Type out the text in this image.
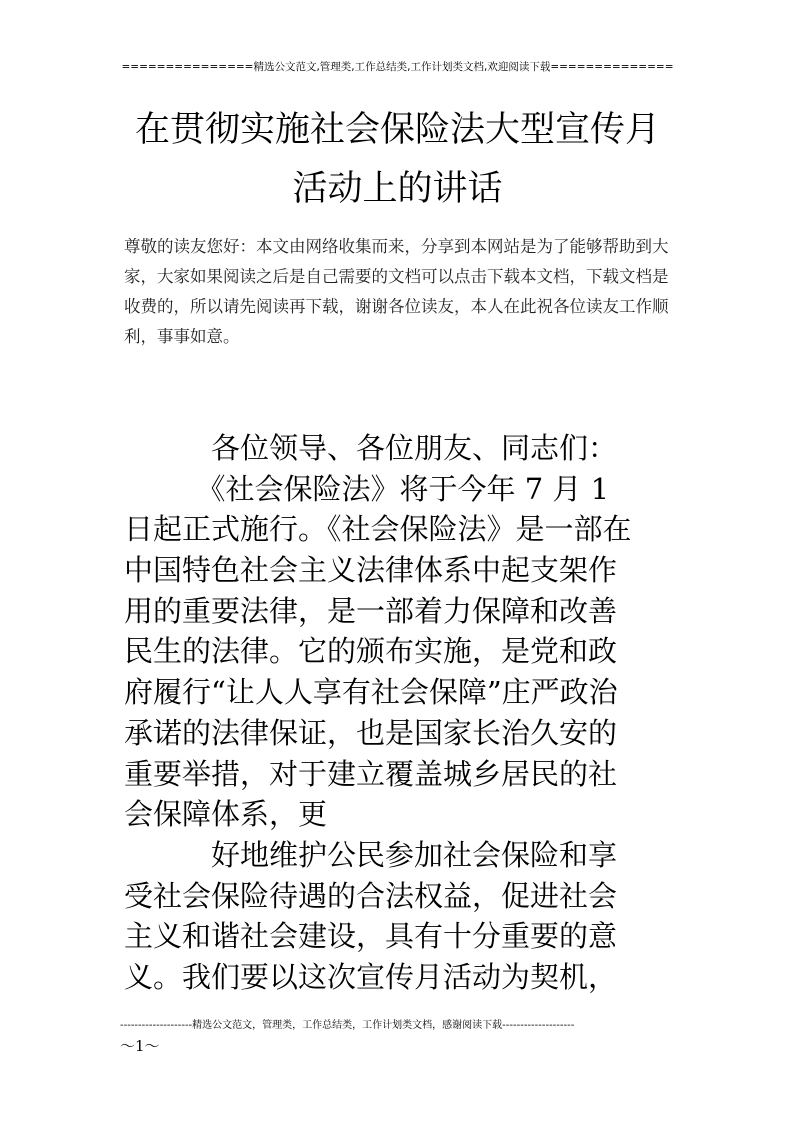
===============精选公文范文,管理类,工作总结类,工作计划类文档,欢迎阅读下载==============
在贯彻实施社会保险法大型宣传月
活动上的讲话
尊敬的读友您好：本文由网络收集而来，分享到本网站是为了能够帮助到大
家，大家如果阅读之后是自己需要的文档可以点击下载本文档，下载文档是
收费的，所以请先阅读再下载，谢谢各位读友，本人在此祝各位读友工作顺
利，事事如意。
　　　各位领导、各位朋友、同志们：
　　　《社会保险法》将于今年 7 月 1
日起正式施行。《社会保险法》是一部在
中国特色社会主义法律体系中起支架作
用的重要法律，是一部着力保障和改善
民生的法律。它的颁布实施，是党和政
府履行“让人人享有社会保障”庄严政治
承诺的法律保证，也是国家长治久安的
重要举措，对于建立覆盖城乡居民的社
会保障体系，更
　　　好地维护公民参加社会保险和享
受社会保险待遇的合法权益，促进社会
主义和谐社会建设，具有十分重要的意
义。我们要以这次宣传月活动为契机，
--------------------精选公文范文，管理类，工作总结类，工作计划类文档，感谢阅读下载--------------------
～1～
